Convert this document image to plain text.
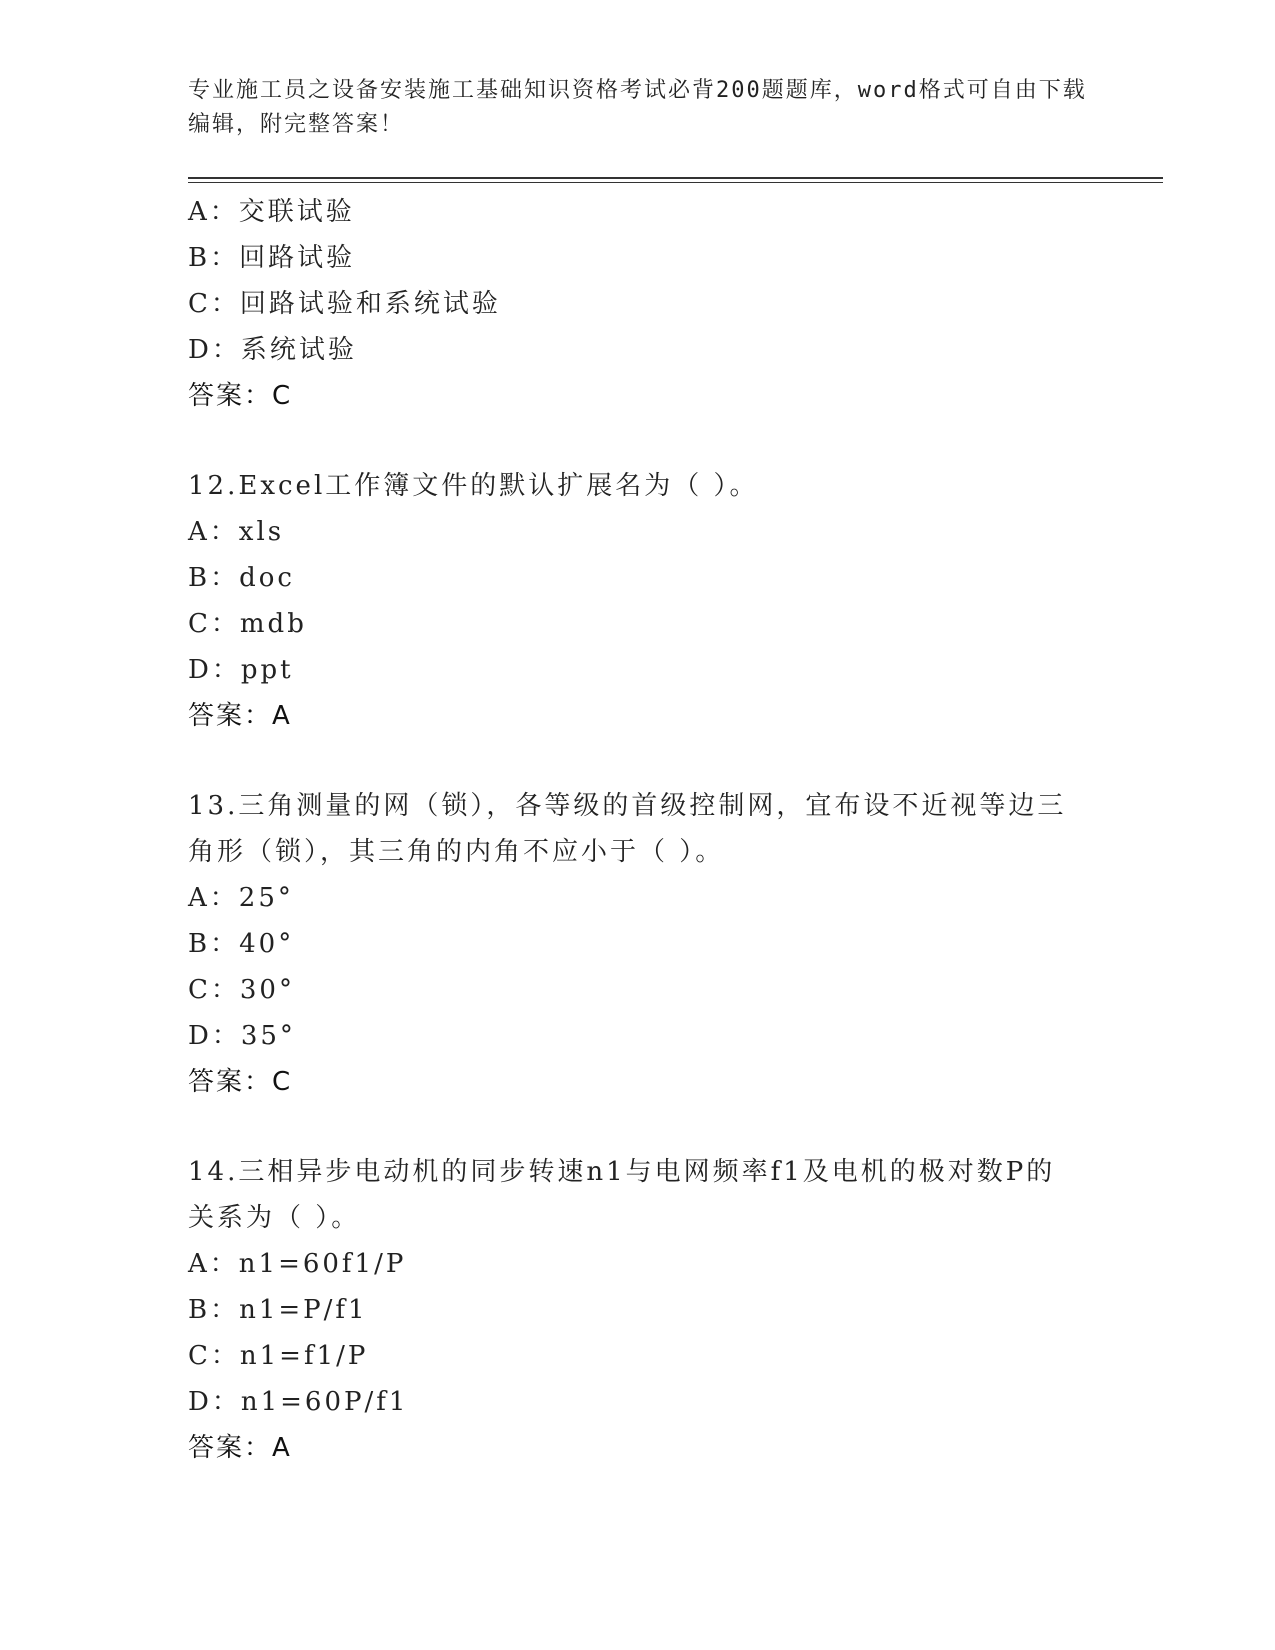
专业施工员之设备安装施工基础知识资格考试必背200题题库，word格式可自由下载编辑，附完整答案！
A：交联试验
B：回路试验
C：回路试验和系统试验
D：系统试验
答案：C
12.Excel工作簿文件的默认扩展名为（ ）。
A：xls
B：doc
C：mdb
D：ppt
答案：A
13.三角测量的网（锁），各等级的首级控制网，宜布设不近视等边三角形（锁），其三角的内角不应小于（ ）。
A：25°
B：40°
C：30°
D：35°
答案：C
14.三相异步电动机的同步转速n1与电网频率f1及电机的极对数P的关系为（ ）。
A：n1=60f1/P
B：n1=P/f1
C：n1=f1/P
D：n1=60P/f1
答案：A
